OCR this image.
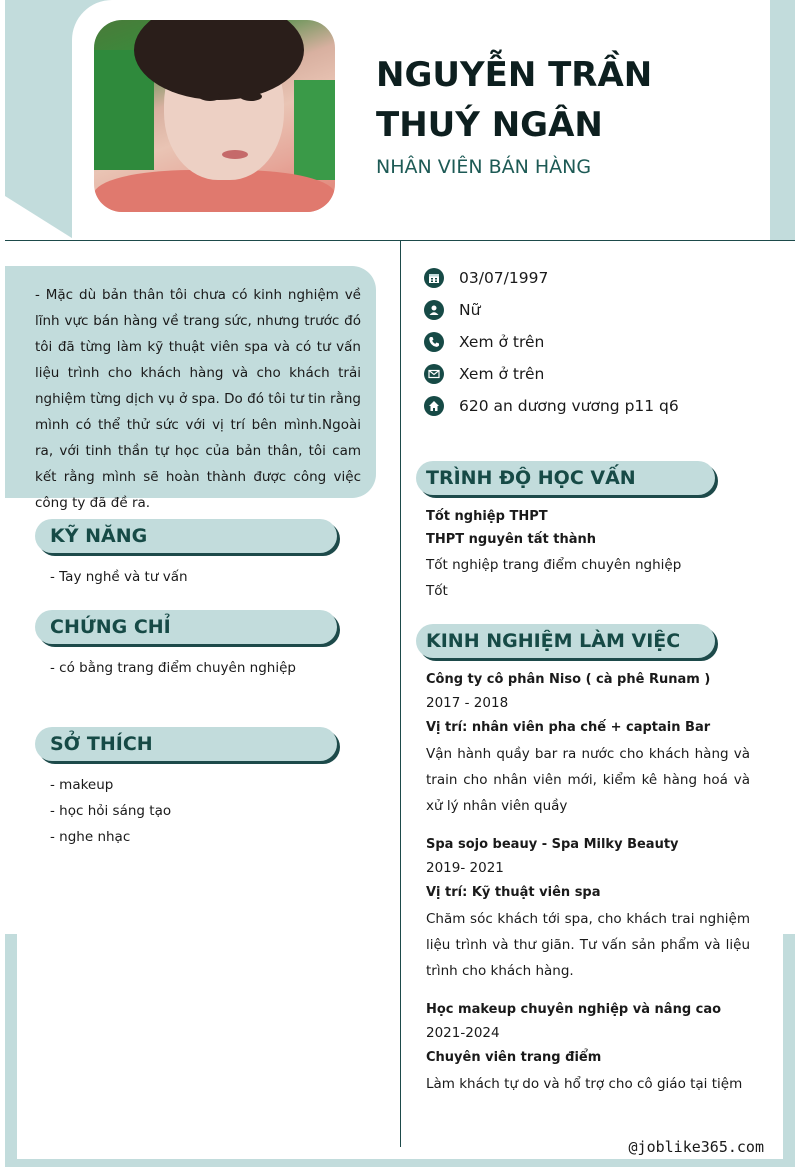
NGUYỄN TRẦN THUÝ NGÂN
NHÂN VIÊN BÁN HÀNG
- Mặc dù bản thân tôi chưa có kinh nghiệm về lĩnh vực bán hàng về trang sức, nhưng trước đó tôi đã từng làm kỹ thuật viên spa và có tư vấn liệu trình cho khách hàng và cho khách trải nghiệm từng dịch vụ ở spa. Do đó tôi tư tin rằng mình có thể thử sức với vị trí bên mình.Ngoài ra, với tinh thần tự học của bản thân, tôi cam kết rằng mình sẽ hoàn thành được công việc công ty đã đề ra.
KỸ NĂNG
- Tay nghề và tư vấn
CHỨNG CHỈ
- có bằng trang điểm chuyên nghiệp
SỞ THÍCH
- makeup
- học hỏi sáng tạo
- nghe nhạc
03/07/1997
Nữ
Xem ở trên
Xem ở trên
620 an dương vương p11 q6
TRÌNH ĐỘ HỌC VẤN
Tốt nghiệp THPT
THPT nguyên tất thành
Tốt nghiệp trang điểm chuyên nghiệp
Tốt
KINH NGHIỆM LÀM VIỆC
Công ty cô phân Niso ( cà phê Runam )
2017 - 2018
Vị trí: nhân viên pha chế + captain Bar
Vận hành quầy bar ra nước cho khách hàng và train cho nhân viên mới, kiểm kê hàng hoá và xử lý nhân viên quầy
Spa sojo beauy - Spa Milky Beauty
2019- 2021
Vị trí: Kỹ thuật viên spa
Chăm sóc khách tới spa, cho khách trai nghiệm liệu trình và thư giãn. Tư vấn sản phẩm và liệu trình cho khách hàng.
Học makeup chuyên nghiệp và nâng cao
2021-2024
Chuyên viên trang điểm
Làm khách tự do và hổ trợ cho cô giáo tại tiệm
@joblike365.com
